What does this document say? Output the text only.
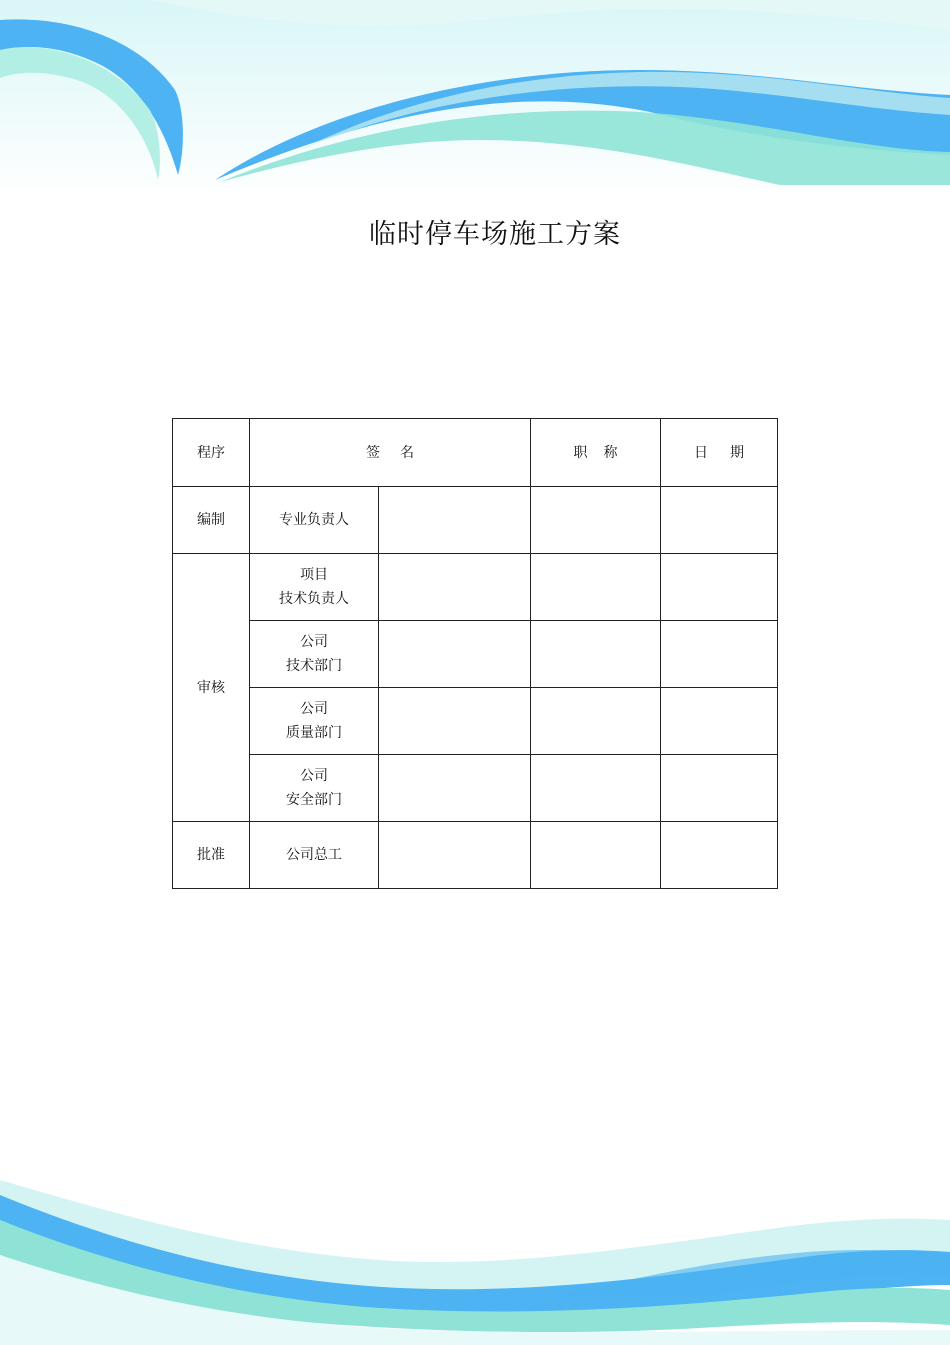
临时停车场施工方案
程序	签 名		职 称	日 期
编制	专业负责人			
审核	项目
技术负责人			

	公司
技术部门			

	公司
质量部门			

	公司
安全部门			

批准	公司总工			
